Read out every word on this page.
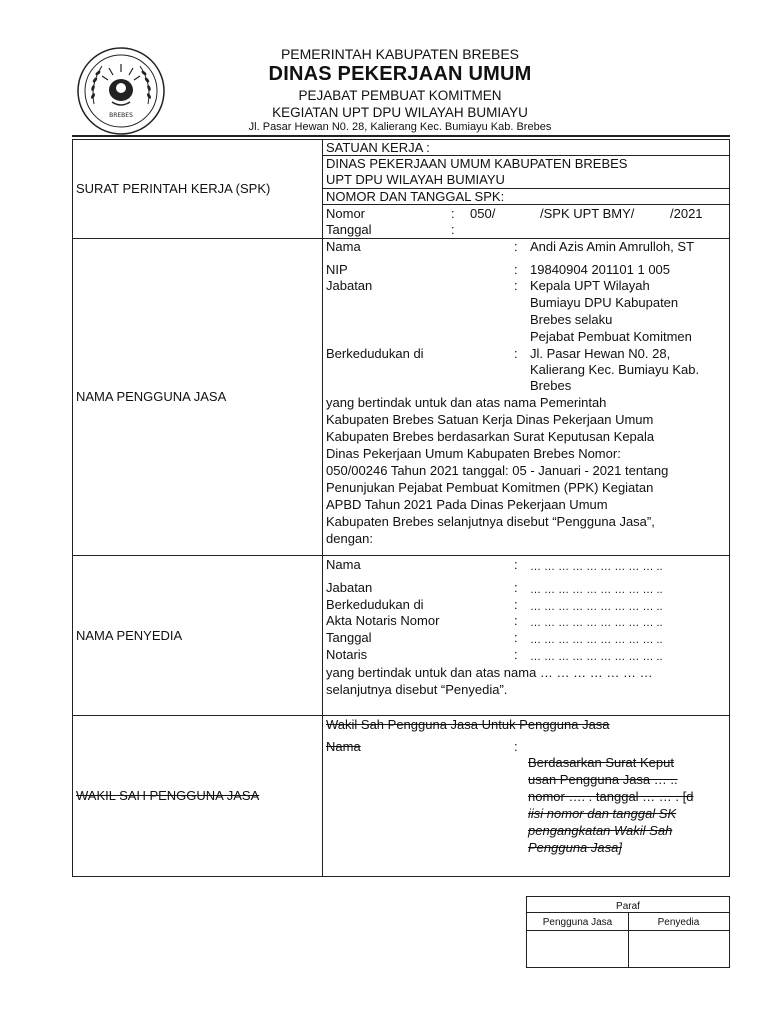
BREBES
PEMERINTAH KABUPATEN BREBES
DINAS PEKERJAAN UMUM
PEJABAT PEMBUAT KOMITMEN
KEGIATAN UPT DPU WILAYAH BUMIAYU
Jl. Pasar Hewan N0. 28, Kalierang Kec. Bumiayu Kab. Brebes
SURAT PERINTAH KERJA (SPK)
SATUAN KERJA :
DINAS PEKERJAAN UMUM KABUPATEN BREBES
UPT DPU WILAYAH BUMIAYU
NOMOR DAN TANGGAL SPK:
Nomor	: 050/	/SPK UPT BMY/	/2021
Tanggal	:
NAMA PENGGUNA JASA
Nama	: Andi Azis Amin Amrulloh, ST
NIP	: 19840904 201101 1 005
Jabatan	: Kepala UPT Wilayah
Bumiayu DPU Kabupaten
Brebes selaku
Pejabat Pembuat Komitmen
Berkedudukan di	: Jl. Pasar Hewan N0. 28,
Kalierang Kec. Bumiayu Kab.
Brebes
yang bertindak untuk dan atas nama Pemerintah
Kabupaten Brebes Satuan Kerja Dinas Pekerjaan Umum
Kabupaten Brebes berdasarkan Surat Keputusan Kepala
Dinas Pekerjaan Umum Kabupaten Brebes Nomor:
050/00246 Tahun 2021 tanggal: 05 - Januari - 2021 tentang
Penunjukan Pejabat Pembuat Komitmen (PPK) Kegiatan
APBD Tahun 2021 Pada Dinas Pekerjaan Umum
Kabupaten Brebes selanjutnya disebut “Pengguna Jasa”,
dengan:
NAMA PENYEDIA
Nama	: … … … … … … … … … ..
Jabatan	: … … … … … … … … … ..
Berkedudukan di	: … … … … … … … … … ..
Akta Notaris Nomor	: … … … … … … … … … ..
Tanggal	: … … … … … … … … … ..
Notaris	: … … … … … … … … … ..
yang bertindak untuk dan atas nama … … … … … … …
selanjutnya disebut “Penyedia”.
WAKIL SAH PENGGUNA JASA
Wakil Sah Pengguna Jasa Untuk Pengguna Jasa
Nama	:
Berdasarkan Surat Keput
usan Pengguna Jasa … ..
nomor …. . tanggal … … . [d
iisi nomor dan tanggal SK
pengangkatan Wakil Sah
Pengguna Jasa]
Paraf
Pengguna Jasa	Penyedia
